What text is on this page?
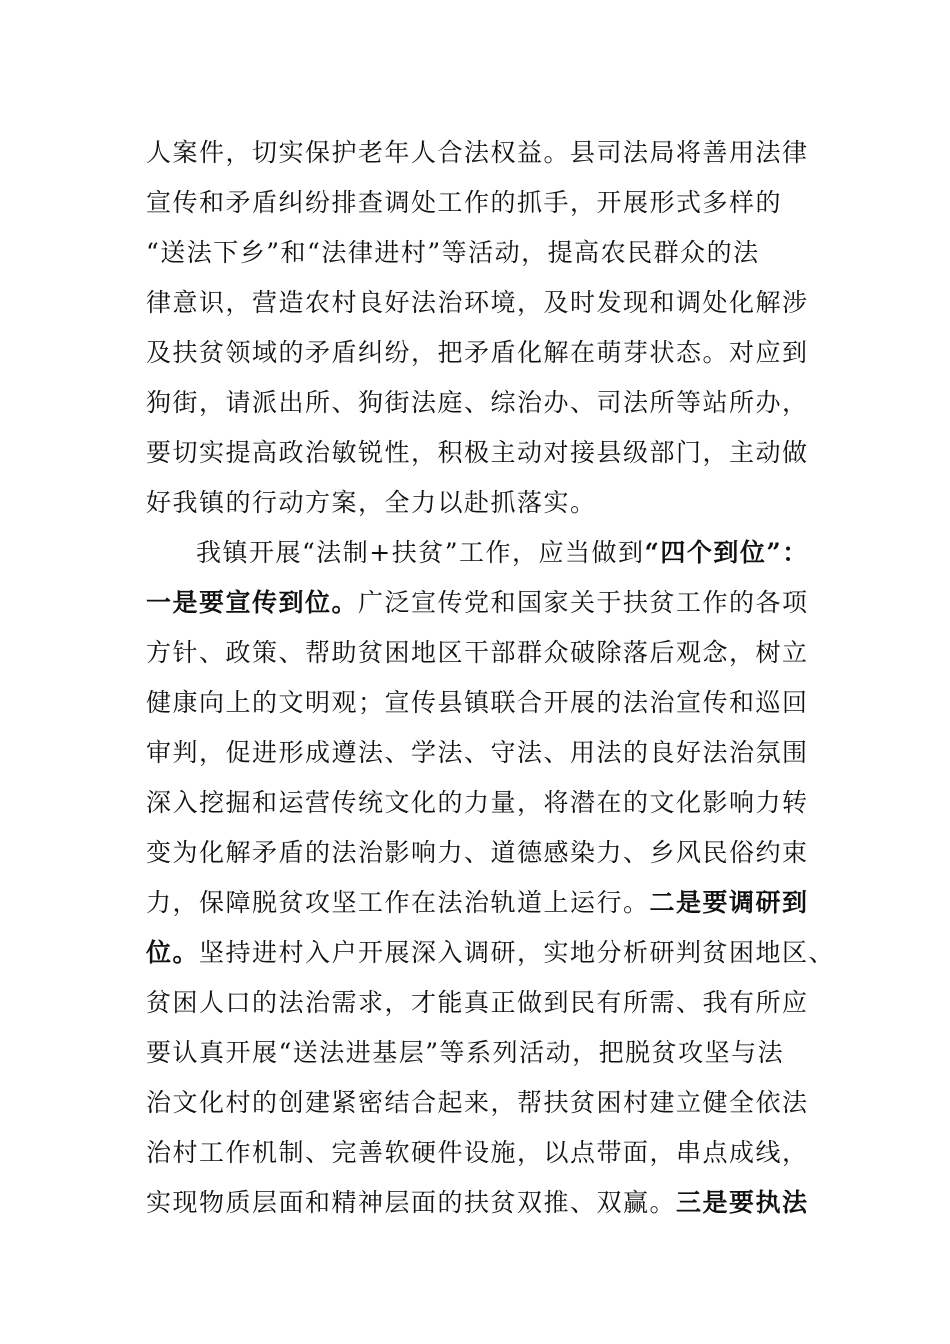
人案件，切实保护老年人合法权益。县司法局将善用法律
宣传和矛盾纠纷排查调处工作的抓手，开展形式多样的
“送法下乡”和“法律进村”等活动，提高农民群众的法
律意识，营造农村良好法治环境，及时发现和调处化解涉
及扶贫领域的矛盾纠纷，把矛盾化解在萌芽状态。对应到
狗街，请派出所、狗街法庭、综治办、司法所等站所办，
要切实提高政治敏锐性，积极主动对接县级部门，主动做
好我镇的行动方案，全力以赴抓落实。
我镇开展“法制+扶贫”工作，应当做到“四个到位”：
一是要宣传到位。广泛宣传党和国家关于扶贫工作的各项
方针、政策、帮助贫困地区干部群众破除落后观念，树立
健康向上的文明观；宣传县镇联合开展的法治宣传和巡回
审判，促进形成遵法、学法、守法、用法的良好法治氛围
深入挖掘和运营传统文化的力量，将潜在的文化影响力转
变为化解矛盾的法治影响力、道德感染力、乡风民俗约束
力，保障脱贫攻坚工作在法治轨道上运行。二是要调研到
位。坚持进村入户开展深入调研，实地分析研判贫困地区、
贫困人口的法治需求，才能真正做到民有所需、我有所应
要认真开展“送法进基层”等系列活动，把脱贫攻坚与法
治文化村的创建紧密结合起来，帮扶贫困村建立健全依法
治村工作机制、完善软硬件设施，以点带面，串点成线，
实现物质层面和精神层面的扶贫双推、双赢。三是要执法
